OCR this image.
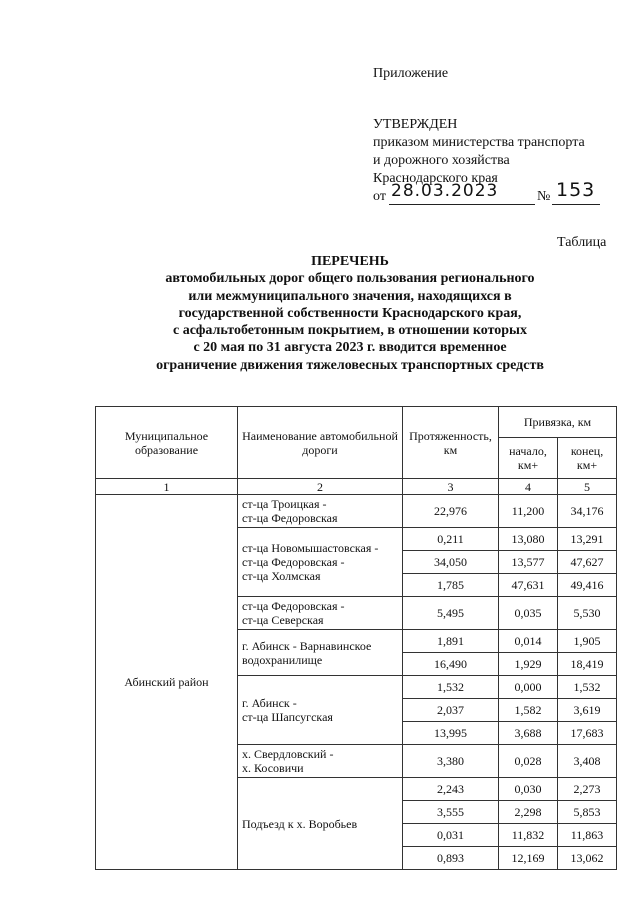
Приложение
УТВЕРЖДЕН
приказом министерства транспорта
и дорожного хозяйства
Краснодарского края
от 28.03.2023	№ 153
Таблица
ПЕРЕЧЕНЬ
автомобильных дорог общего пользования регионального
или межмуниципального значения, находящихся в
государственной собственности Краснодарского края,
с асфальтобетонным покрытием, в отношении которых
с 20 мая по 31 августа 2023 г. вводится временное
ограничение движения тяжеловесных транспортных средств
Муниципальное образование	Наименование автомобильной дороги	Протяженность, км	Привязка, км	
			начало, км+	конец, км+
1	2	3	4	5
Абинский район	ст-ца Троицкая -
ст-ца Федоровская	22,976	11,200	34,176

	ст-ца Новомышастовская -
ст-ца Федоровская -
ст-ца Холмская	0,211	13,080	13,291
		34,050	13,577	47,627
		1,785	47,631	49,416

	ст-ца Федоровская -
ст-ца Северская	5,495	0,035	5,530

	г. Абинск - Варнавинское
водохранилище	1,891	0,014	1,905
		16,490	1,929	18,419

	г. Абинск -
ст-ца Шапсугская	1,532	0,000	1,532
		2,037	1,582	3,619
		13,995	3,688	17,683

	х. Свердловский -
х. Косовичи	3,380	0,028	3,408

	Подъезд к х. Воробьев	2,243	0,030	2,273
		3,555	2,298	5,853
		0,031	11,832	11,863
		0,893	12,169	13,062
